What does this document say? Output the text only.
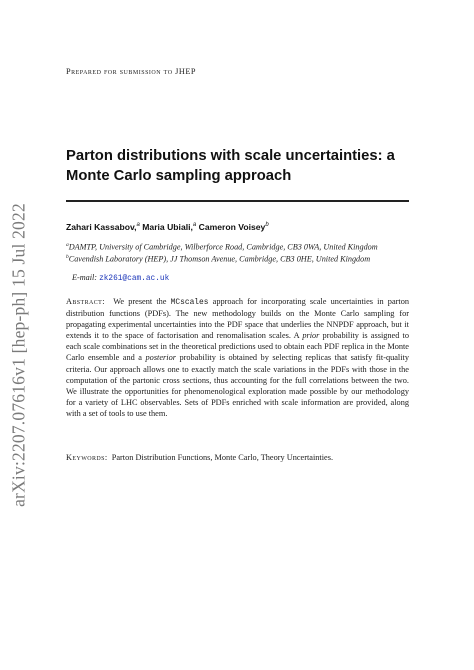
arXiv:2207.07616v1 [hep-ph] 15 Jul 2022
Prepared for submission to JHEP
Parton distributions with scale uncertainties: a Monte Carlo sampling approach
Zahari Kassabov,$^a$ Maria Ubiali,$^a$ Cameron Voisey$^b$
$^a$DAMTP, University of Cambridge, Wilberforce Road, Cambridge, CB3 0WA, United Kingdom
$^b$Cavendish Laboratory (HEP), JJ Thomson Avenue, Cambridge, CB3 0HE, United Kingdom
E-mail: zk261@cam.ac.uk
Abstract: We present the MCscales approach for incorporating scale uncertainties in parton distribution functions (PDFs). The new methodology builds on the Monte Carlo sampling for propagating experimental uncertainties into the PDF space that underlies the NNPDF approach, but it extends it to the space of factorisation and renomalisation scales. A prior probability is assigned to each scale combinations set in the theoretical predictions used to obtain each PDF replica in the Monte Carlo ensemble and a posterior probability is obtained by selecting replicas that satisfy fit-quality criteria. Our approach allows one to exactly match the scale variations in the PDFs with those in the computation of the partonic cross sections, thus accounting for the full correlations between the two. We illustrate the opportunities for phenomenological exploration made possible by our methodology for a variety of LHC observables. Sets of PDFs enriched with scale information are provided, along with a set of tools to use them.
Keywords: Parton Distribution Functions, Monte Carlo, Theory Uncertainties.
